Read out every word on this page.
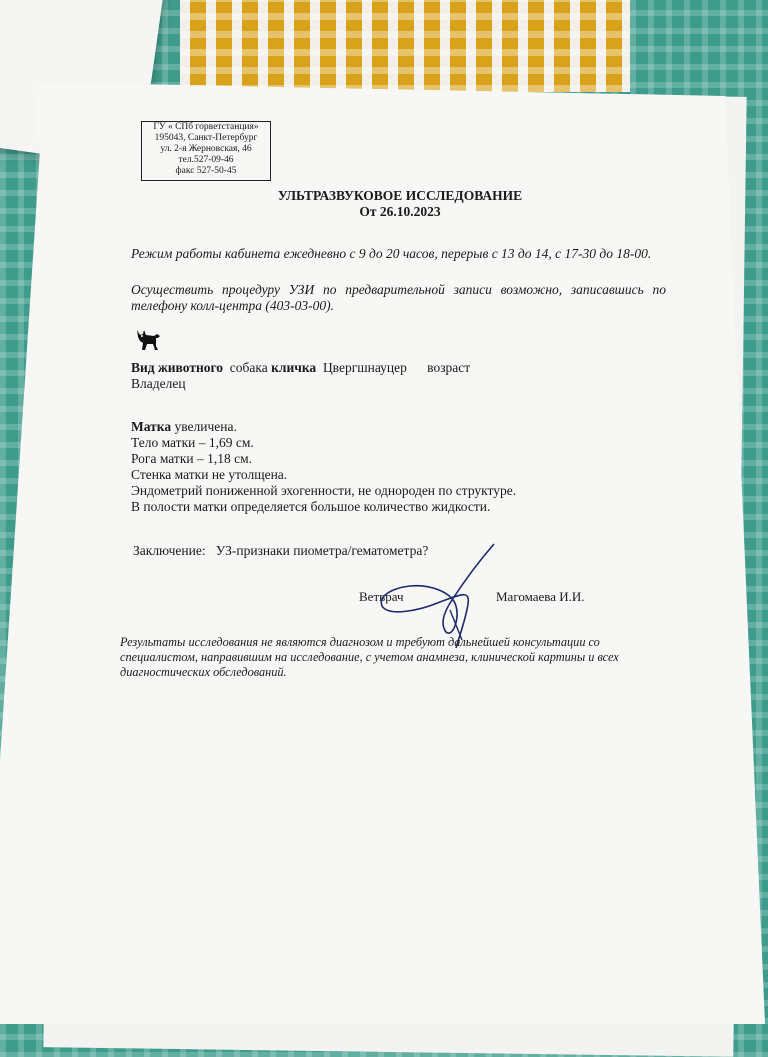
ГУ « СПб горветстанция»
195043, Санкт-Петербург
ул. 2-я Жерновская, 46
тел.527-09-46
факс 527-50-45
УЛЬТРАЗВУКОВОЕ ИССЛЕДОВАНИЕ
От 26.10.2023
Режим работы кабинета ежедневно с 9 до 20 часов, перерыв с 13 до 14, с 17-30 до 18-00.
Осуществить процедуру УЗИ по предварительной записи возможно, записавшись по телефону колл-центра (403-03-00).
Вид животного собака кличка Цвергшнауцер возраст
Владелец
Матка увеличена.
Тело матки – 1,69 см.
Рога матки – 1,18 см.
Стенка матки не утолщена.
Эндометрий пониженной эхогенности, не однороден по структуре.
В полости матки определяется большое количество жидкости.
Заключение: УЗ-признаки пиометра/гематометра?
Ветврач	Магомаева И.И.
Результаты исследования не являются диагнозом и требуют дальнейшей консультации со специалистом, направившим на исследование, с учетом анамнеза, клинической картины и всех диагностических обследований.
